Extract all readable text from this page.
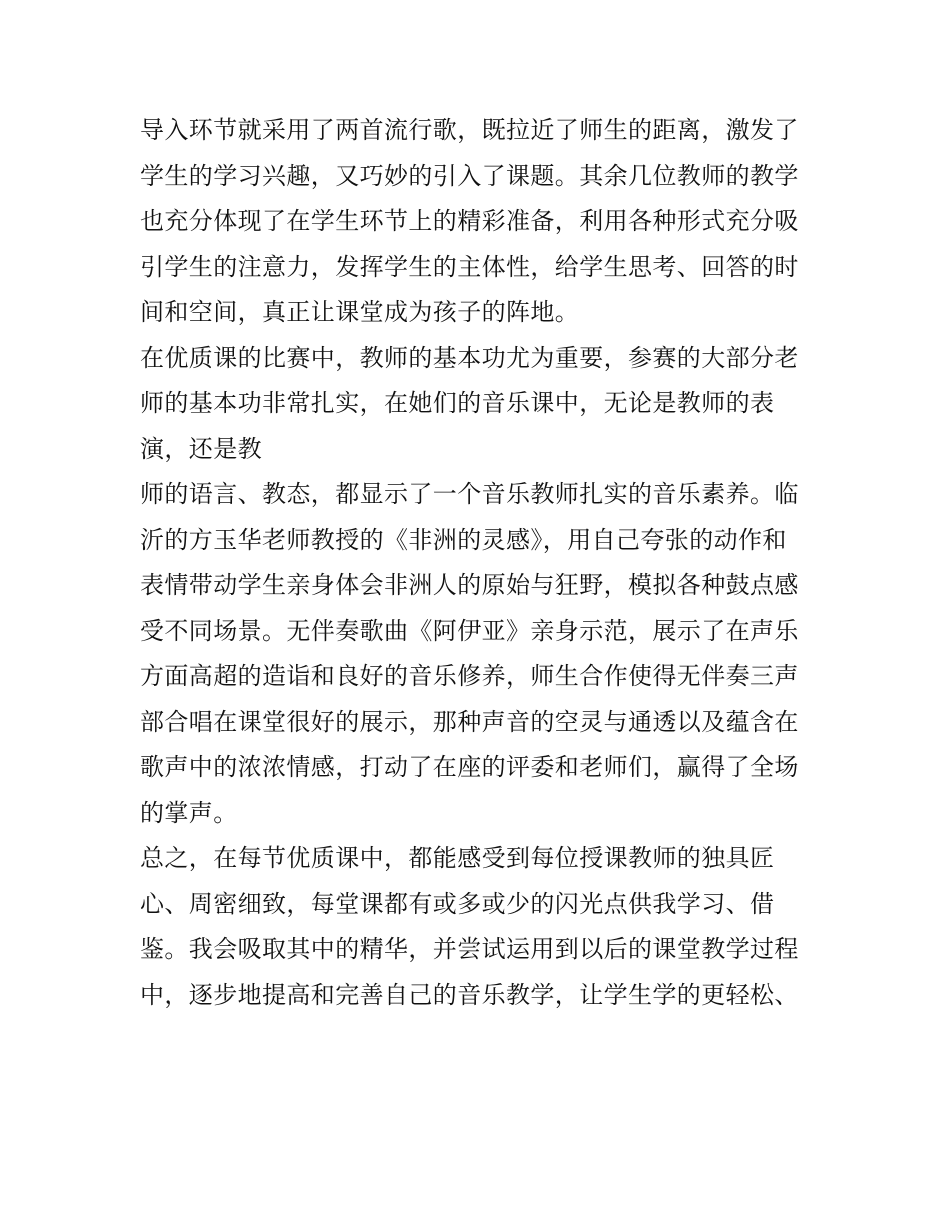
导入环节就采用了两首流行歌，既拉近了师生的距离，激发了
学生的学习兴趣，又巧妙的引入了课题。其余几位教师的教学
也充分体现了在学生环节上的精彩准备，利用各种形式充分吸
引学生的注意力，发挥学生的主体性，给学生思考、回答的时
间和空间，真正让课堂成为孩子的阵地。
在优质课的比赛中，教师的基本功尤为重要，参赛的大部分老
师的基本功非常扎实，在她们的音乐课中，无论是教师的表
演，还是教
师的语言、教态，都显示了一个音乐教师扎实的音乐素养。临
沂的方玉华老师教授的《非洲的灵感》，用自己夸张的动作和
表情带动学生亲身体会非洲人的原始与狂野，模拟各种鼓点感
受不同场景。无伴奏歌曲《阿伊亚》亲身示范，展示了在声乐
方面高超的造诣和良好的音乐修养，师生合作使得无伴奏三声
部合唱在课堂很好的展示，那种声音的空灵与通透以及蕴含在
歌声中的浓浓情感，打动了在座的评委和老师们，赢得了全场
的掌声。
总之，在每节优质课中，都能感受到每位授课教师的独具匠
心、周密细致，每堂课都有或多或少的闪光点供我学习、借
鉴。我会吸取其中的精华，并尝试运用到以后的课堂教学过程
中，逐步地提高和完善自己的音乐教学，让学生学的更轻松、
